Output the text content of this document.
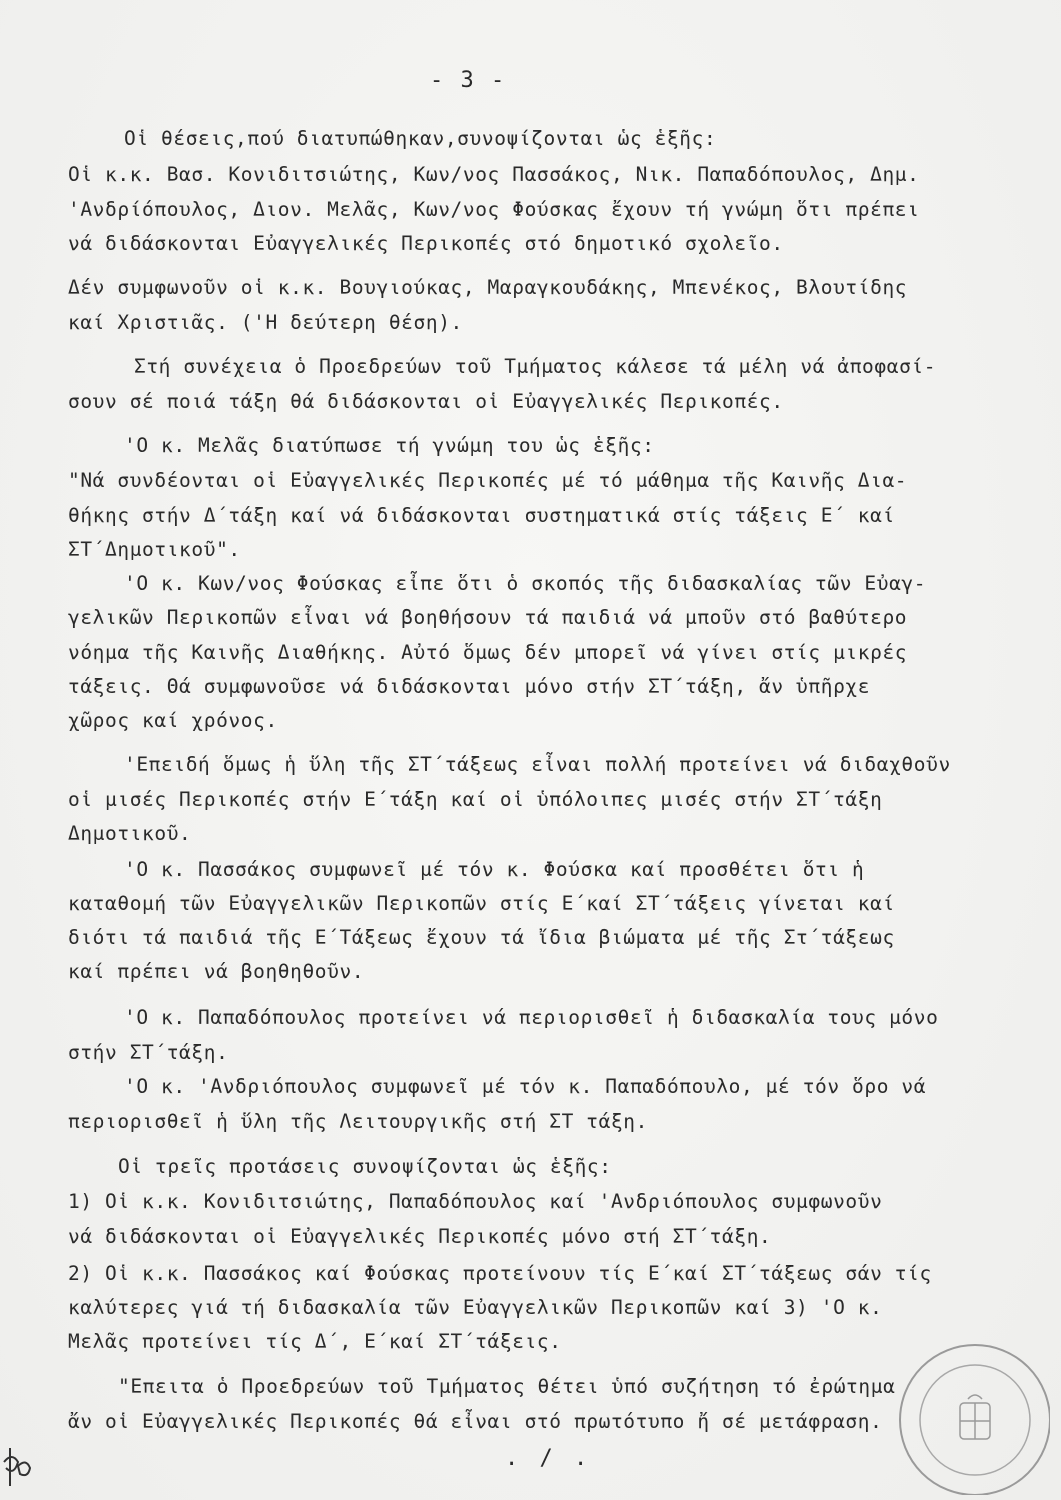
- 3 -
Οἱ θέσεις,πού διατυπώθηκαν,συνοψίζονται ὡς ἑξῆς:
Οἱ κ.κ. Βασ. Κονιδιτσιώτης, Κων/νος Πασσάκος, Νικ. Παπαδόπουλος, Δημ.
'Ανδρίόπουλος, Διον. Μελᾶς, Κων/νος Φούσκας ἔχουν τή γνώμη ὅτι πρέπει
νά διδάσκονται Εὐαγγελικές Περικοπές στό δημοτικό σχολεῖο.
Δέν συμφωνοῦν οἱ κ.κ. Βουγιούκας, Μαραγκουδάκης, Μπενέκος, Βλουτίδης
καί Χριστιᾶς. ('Η δεύτερη θέση).
Στή συνέχεια ὁ Προεδρεύων τοῦ Τμήματος κάλεσε τά μέλη νά ἀποφασί-
σουν σέ ποιά τάξη θά διδάσκονται οἱ Εὐαγγελικές Περικοπές.
'Ο κ. Μελᾶς διατύπωσε τή γνώμη του ὡς ἑξῆς:
"Νά συνδέονται οἱ Εὐαγγελικές Περικοπές μέ τό μάθημα τῆς Καινῆς Δια-
θήκης στήν Δ΄τάξη καί νά διδάσκονται συστηματικά στίς τάξεις Ε΄ καί
ΣΤ΄Δημοτικοῦ".
'Ο κ. Κων/νος Φούσκας εἶπε ὅτι ὁ σκοπός τῆς διδασκαλίας τῶν Εὐαγ-
γελικῶν Περικοπῶν εἶναι νά βοηθήσουν τά παιδιά νά μποῦν στό βαθύτερο
νόημα τῆς Καινῆς Διαθήκης. Αὐτό ὅμως δέν μπορεῖ νά γίνει στίς μικρές
τάξεις. Θά συμφωνοῦσε νά διδάσκονται μόνο στήν ΣΤ΄τάξη, ἄν ὑπῆρχε
χῶρος καί χρόνος.
'Επειδή ὅμως ἡ ὕλη τῆς ΣΤ΄τάξεως εἶναι πολλή προτείνει νά διδαχθοῦν
οἱ μισές Περικοπές στήν Ε΄τάξη καί οἱ ὑπόλοιπες μισές στήν ΣΤ΄τάξη
Δημοτικοῦ.
'Ο κ. Πασσάκος συμφωνεῖ μέ τόν κ. Φούσκα καί προσθέτει ὅτι ἡ
καταθομή τῶν Εὐαγγελικῶν Περικοπῶν στίς Ε΄καί ΣΤ΄τάξεις γίνεται καί
διότι τά παιδιά τῆς Ε΄Τάξεως ἔχουν τά ἴδια βιώματα μέ τῆς Στ΄τάξεως
καί πρέπει νά βοηθηθοῦν.
'Ο κ. Παπαδόπουλος προτείνει νά περιορισθεῖ ἡ διδασκαλία τους μόνο
στήν ΣΤ΄τάξη.
'Ο κ. 'Ανδριόπουλος συμφωνεῖ μέ τόν κ. Παπαδόπουλο, μέ τόν ὅρο νά
περιορισθεῖ ἡ ὕλη τῆς Λειτουργικῆς στή ΣΤ τάξη.
Οἱ τρεῖς προτάσεις συνοψίζονται ὡς ἑξῆς:
1) Οἱ κ.κ. Κονιδιτσιώτης, Παπαδόπουλος καί 'Ανδριόπουλος συμφωνοῦν
νά διδάσκονται οἱ Εὐαγγελικές Περικοπές μόνο στή ΣΤ΄τάξη.
2) Οἱ κ.κ. Πασσάκος καί Φούσκας προτείνουν τίς Ε΄καί ΣΤ΄τάξεως σάν τίς
καλύτερες γιά τή διδασκαλία τῶν Εὐαγγελικῶν Περικοπῶν καί 3) 'Ο κ.
Μελᾶς προτείνει τίς Δ΄, Ε΄καί ΣΤ΄τάξεις.
"Επειτα ὁ Προεδρεύων τοῦ Τμήματος θέτει ὑπό συζήτηση τό ἐρώτημα
ἄν οἱ Εὐαγγελικές Περικοπές θά εἶναι στό πρωτότυπο ἤ σέ μετάφραση.
. / .
